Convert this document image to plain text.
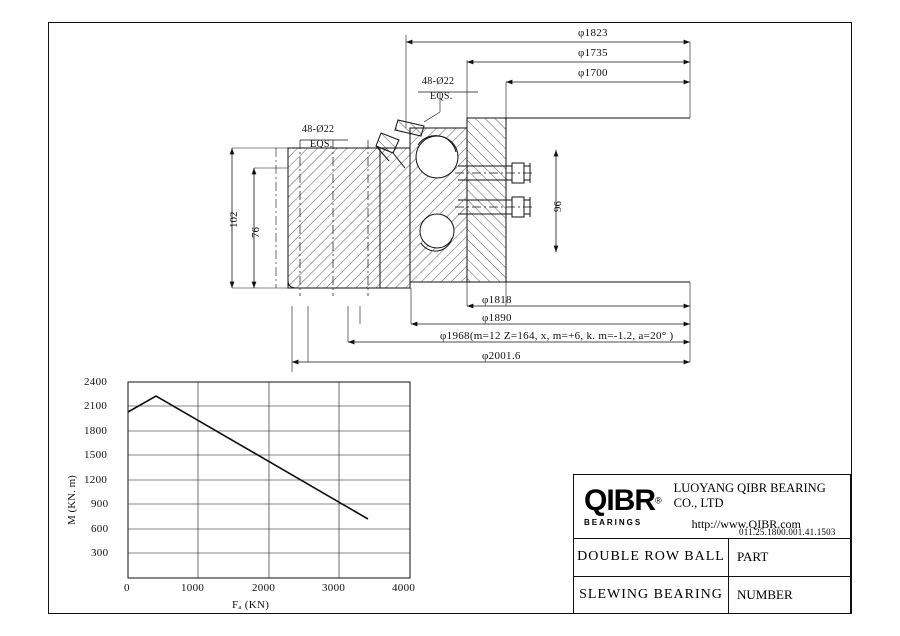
φ1823
φ1735
φ1700
48-Ø22
EQS.
48-Ø22
EQS.
102
76
96
φ1818
φ1890
φ1968(m=12 Z=164, x, m=+6, k. m=-1.2, a=20° )
φ2001.6
2400
2100
1800
1500
1200
900
600
300
0	1000	2000	3000	4000
Fₐ (KN)
M (KN. m)	QIBR®
BEARINGS
LUOYANG QIBR BEARING CO., LTD
http://www.QIBR.com
DOUBLE ROW BALL
SLEWING BEARING
PART
NUMBER
011.25.1800.001.41.1503
